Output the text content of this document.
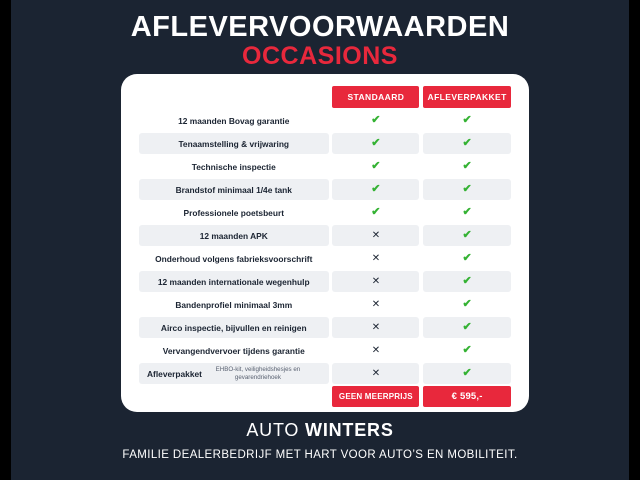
AFLEVERVOORWAARDEN
OCCASIONS
		STANDAARD		AFLEVERPAKKET
12 maanden Bovag garantie		✔		✔
Tenaamstelling & vrijwaring		✔		✔
Technische inspectie		✔		✔
Brandstof minimaal 1/4e tank		✔		✔
Professionele poetsbeurt		✔		✔
12 maanden APK		✕		✔
Onderhoud volgens fabrieksvoorschrift		✕		✔
12 maanden internationale wegenhulp		✕		✔
Bandenprofiel minimaal 3mm		✕		✔
Airco inspectie, bijvullen en reinigen		✕		✔
Vervangendvervoer tijdens garantie		✕		✔
Afleverpakket EHBO-kit, veiligheidshesjes en gevarendriehoek		✕		✔
		GEEN MEERPRIJS		€ 595,-
AUTO WINTERS
FAMILIE DEALERBEDRIJF MET HART VOOR AUTO’S EN MOBILITEIT.
